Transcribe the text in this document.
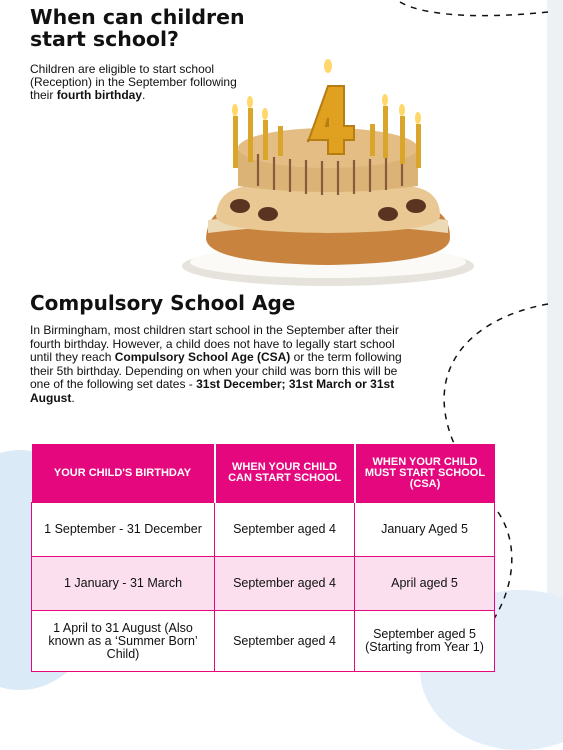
When can children start school?
Children are eligible to start school (Reception) in the September following their fourth birthday.
Compulsory School Age
In Birmingham, most children start school in the September after their fourth birthday. However, a child does not have to legally start school until they reach Compulsory School Age (CSA) or the term following their 5th birthday. Depending on when your child was born this will be one of the following set dates - 31st December; 31st March or 31st August.
YOUR CHILD'S BIRTHDAY	WHEN YOUR CHILD CAN START SCHOOL	WHEN YOUR CHILD MUST START SCHOOL (CSA)
1 September - 31 December	September aged 4	January Aged 5
1 January - 31 March	September aged 4	April aged 5
1 April to 31 August (Also known as a ‘Summer Born’ Child)	September aged 4	September aged 5 (Starting from Year 1)
